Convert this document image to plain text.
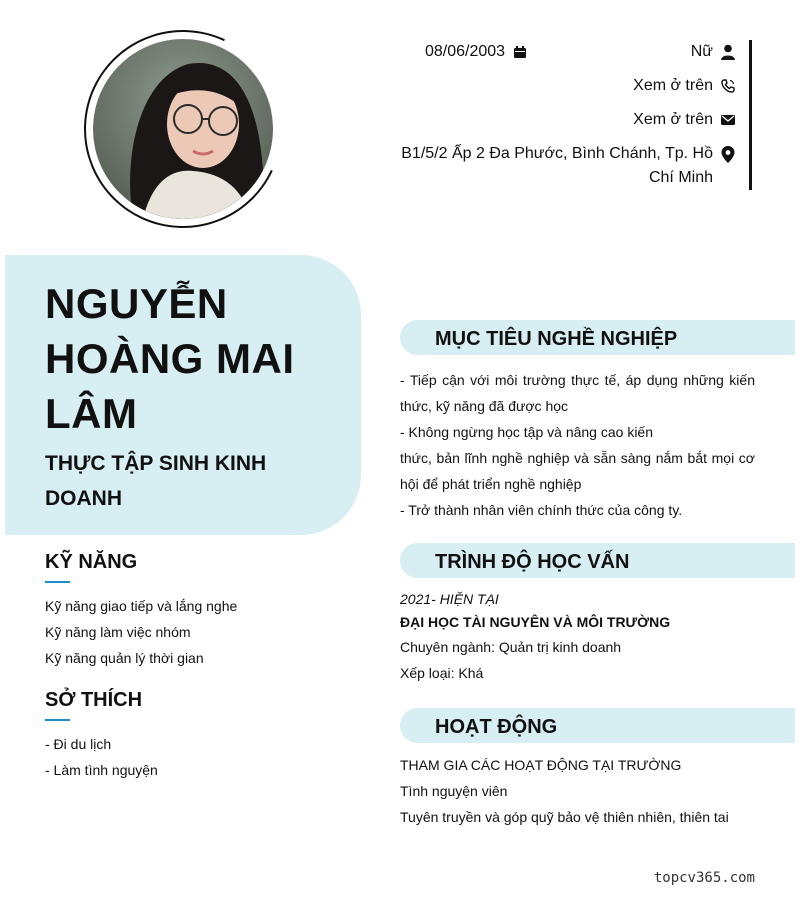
08/06/2003	Nữ
Xem ở trên
Xem ở trên
B1/5/2 Ấp 2 Đa Phước, Bình Chánh, Tp. Hồ Chí Minh
NGUYỄN
HOÀNG MAI
LÂM
THỰC TẬP SINH KINH DOANH
KỸ NĂNG
Kỹ năng giao tiếp và lắng nghe
Kỹ năng làm việc nhóm
Kỹ năng quản lý thời gian
SỞ THÍCH
- Đi du lịch
- Làm tình nguyện
MỤC TIÊU NGHỀ NGHIỆP
- Tiếp cận với môi trường thực tế, áp dụng những kiến thức, kỹ năng đã được học
- Không ngừng học tập và nâng cao kiến
thức, bản lĩnh nghề nghiệp và sẵn sàng nắm bắt mọi cơ hội để phát triển nghề nghiệp
- Trở thành nhân viên chính thức của công ty.
TRÌNH ĐỘ HỌC VẤN
2021- HIỆN TẠI
ĐẠI HỌC TÀI NGUYÊN VÀ MÔI TRƯỜNG
Chuyên ngành: Quản trị kinh doanh
Xếp loại: Khá
HOẠT ĐỘNG
THAM GIA CÁC HOẠT ĐỘNG TẠI TRƯỜNG
Tình nguyện viên
Tuyên truyền và góp quỹ bảo vệ thiên nhiên, thiên tai
topcv365.com
